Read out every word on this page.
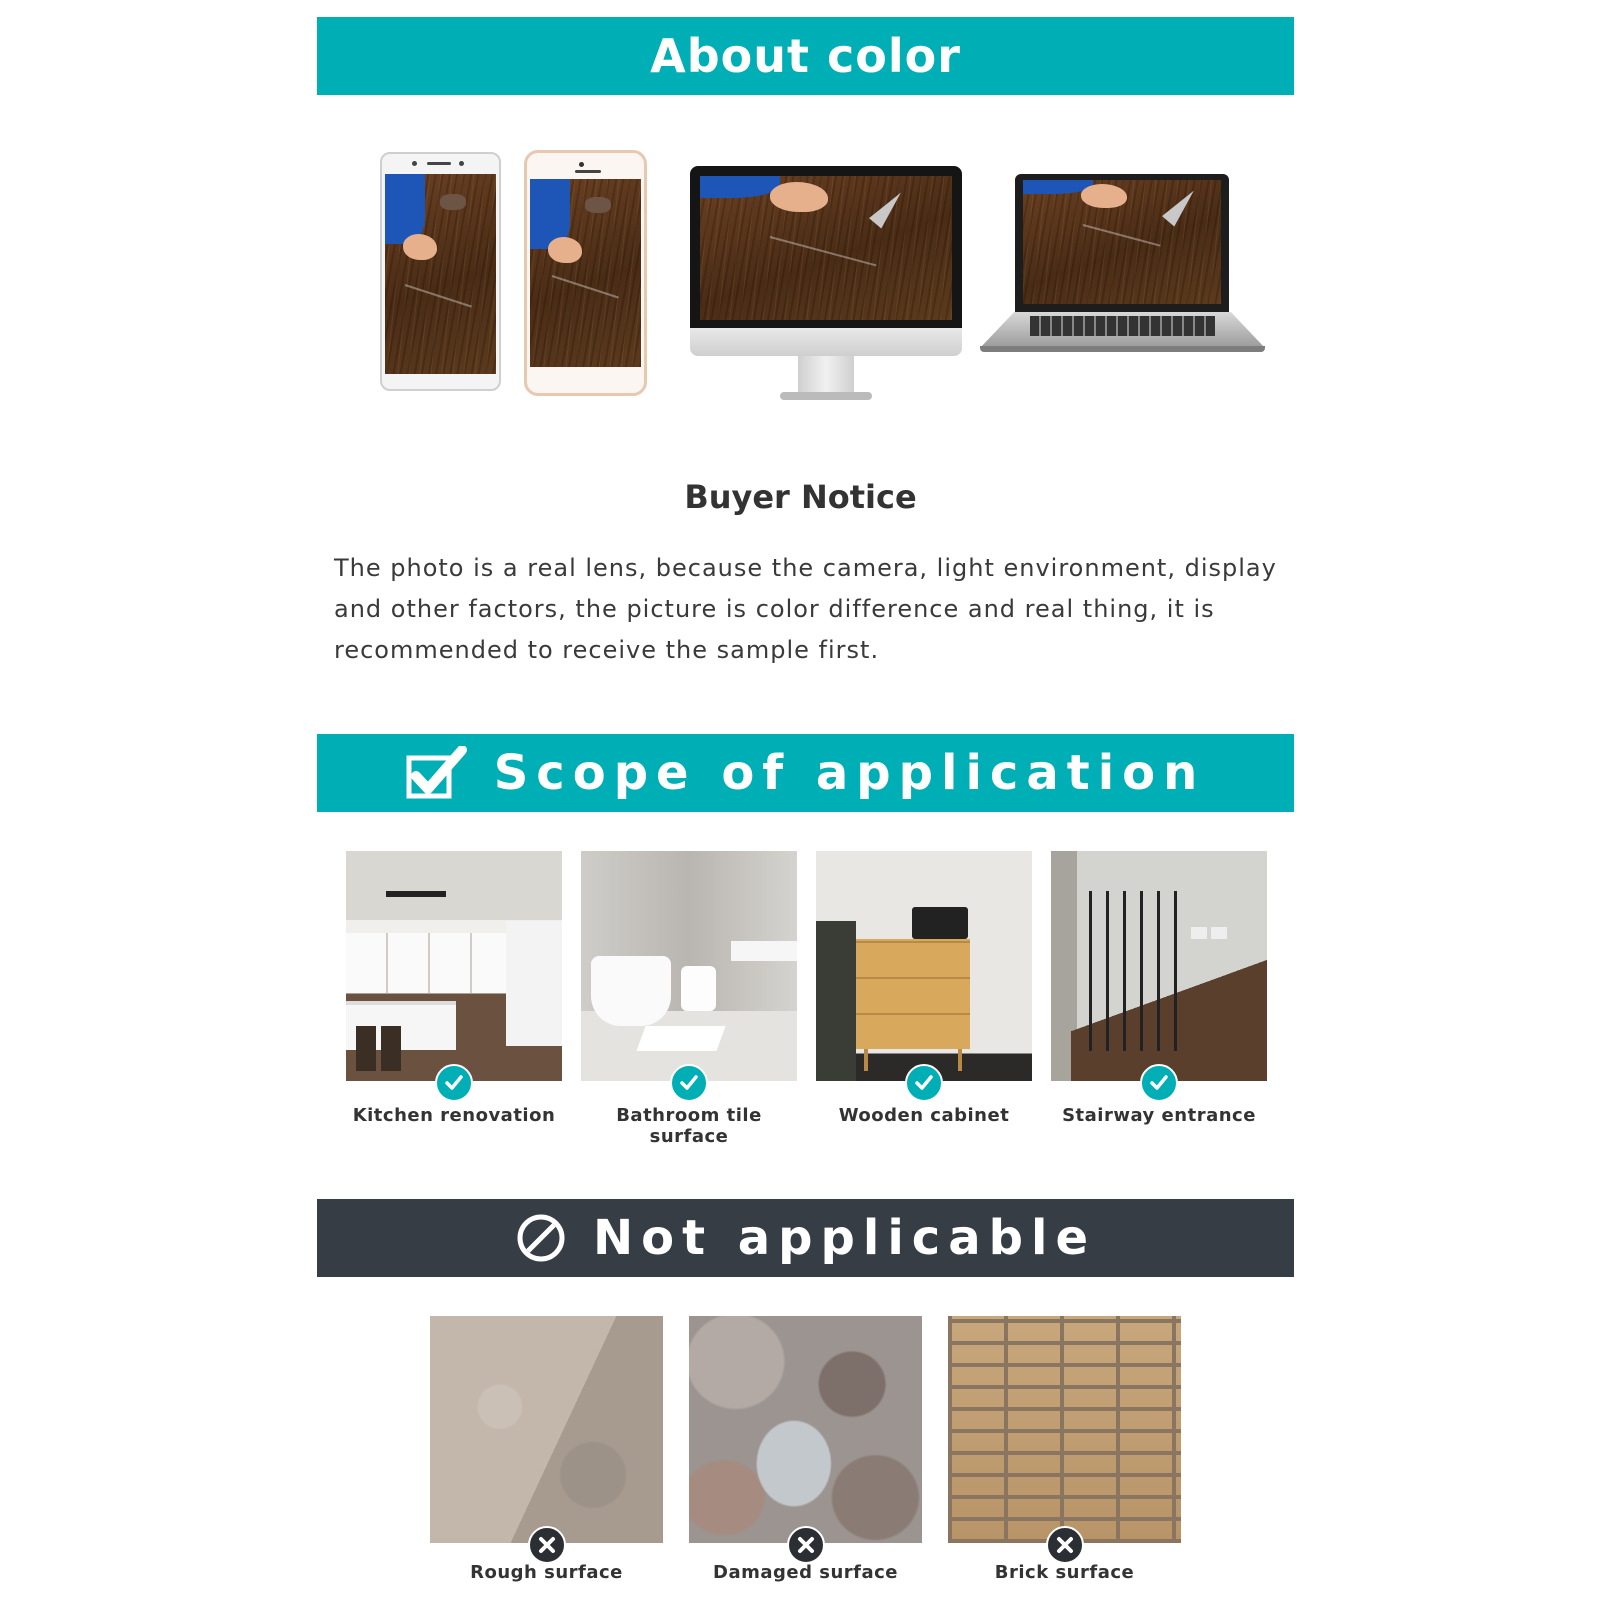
About color
Buyer Notice
The photo is a real lens, because the camera, light environment, display and other factors, the picture is color difference and real thing, it is recommended to receive the sample first.
Scope of application
Kitchen renovation	Bathroom tile surface
Wooden cabinet	Stairway entrance
Not applicable
Rough surface	Damaged surface	Brick surface
